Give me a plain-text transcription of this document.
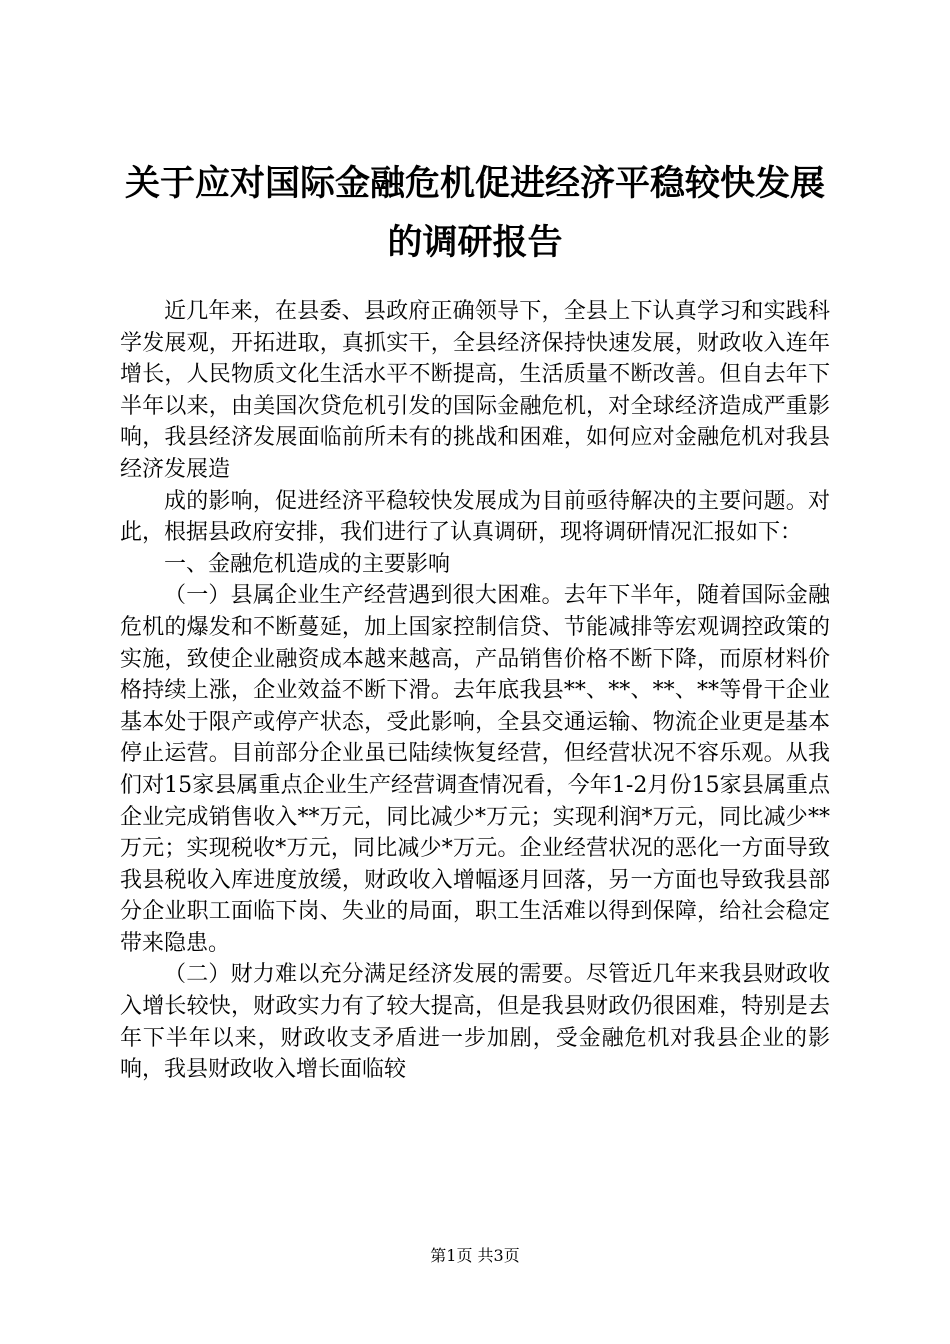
关于应对国际金融危机促进经济平稳较快发展
的调研报告

近几年来，在县委、县政府正确领导下，全县上下认真学习和实践科学发展观，开拓进取，真抓实干，全县经济保持快速发展，财政收入连年增长，人民物质文化生活水平不断提高，生活质量不断改善。但自去年下半年以来，由美国次贷危机引发的国际金融危机，对全球经济造成严重影响，我县经济发展面临前所未有的挑战和困难，如何应对金融危机对我县经济发展造

成的影响，促进经济平稳较快发展成为目前亟待解决的主要问题。对此，根据县政府安排，我们进行了认真调研，现将调研情况汇报如下：

一、金融危机造成的主要影响

（一）县属企业生产经营遇到很大困难。去年下半年，随着国际金融危机的爆发和不断蔓延，加上国家控制信贷、节能减排等宏观调控政策的实施，致使企业融资成本越来越高，产品销售价格不断下降，而原材料价格持续上涨，企业效益不断下滑。去年底我县**、**、**、**等骨干企业基本处于限产或停产状态，受此影响，全县交通运输、物流企业更是基本停止运营。目前部分企业虽已陆续恢复经营，但经营状况不容乐观。从我们对15家县属重点企业生产经营调查情况看，今年1-2月份15家县属重点企业完成销售收入**万元，同比减少*万元；实现利润*万元，同比减少**万元；实现税收*万元，同比减少*万元。企业经营状况的恶化一方面导致我县税收入库进度放缓，财政收入增幅逐月回落，另一方面也导致我县部分企业职工面临下岗、失业的局面，职工生活难以得到保障，给社会稳定带来隐患。

（二）财力难以充分满足经济发展的需要。尽管近几年来我县财政收入增长较快，财政实力有了较大提高，但是我县财政仍很困难，特别是去年下半年以来，财政收支矛盾进一步加剧，受金融危机对我县企业的影响，我县财政收入增长面临较

第1页 共3页
